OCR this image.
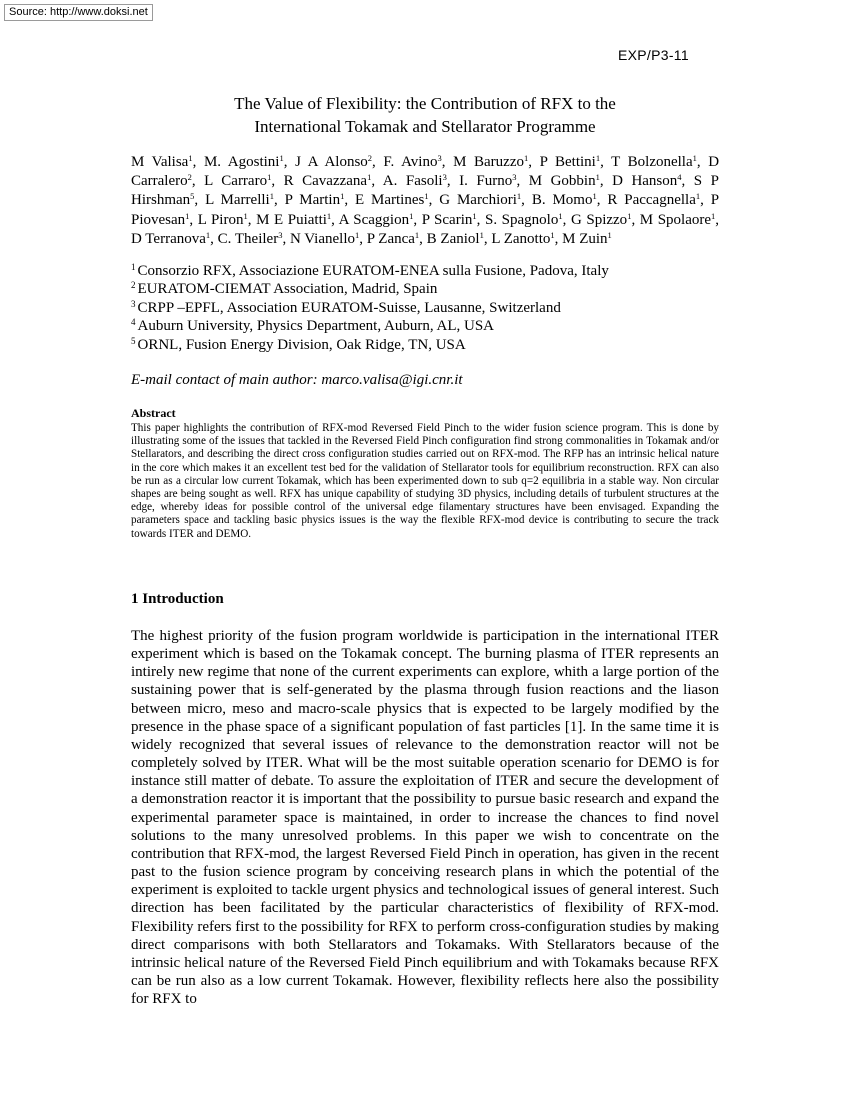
Source: http://www.doksi.net
EXP/P3-11
The Value of Flexibility: the Contribution of RFX to the
International Tokamak and Stellarator Programme
M Valisa$^1$, M. Agostini$^1$, J A Alonso$^2$, F. Avino$^3$, M Baruzzo$^1$, P Bettini$^1$, T Bolzonella$^1$, D Carralero$^2$, L Carraro$^1$, R Cavazzana$^1$, A. Fasoli$^3$, I. Furno$^3$, M Gobbin$^1$, D Hanson$^4$, S P Hirshman$^5$, L Marrelli$^1$, P Martin$^1$, E Martines$^1$, G Marchiori$^1$, B. Momo$^1$, R Paccagnella$^1$, P Piovesan$^1$, L Piron$^1$, M E Puiatti$^1$, A Scaggion$^1$, P Scarin$^1$, S. Spagnolo$^1$, G Spizzo$^1$, M Spolaore$^1$, D Terranova$^1$, C. Theiler$^3$, N Vianello$^1$, P Zanca$^1$, B Zaniol$^1$, L Zanotto$^1$, M Zuin$^1$
$^1$ Consorzio RFX, Associazione EURATOM-ENEA sulla Fusione, Padova, Italy
$^2$ EURATOM-CIEMAT Association, Madrid, Spain
$^3$ CRPP –EPFL, Association EURATOM-Suisse, Lausanne, Switzerland
$^4$ Auburn University, Physics Department, Auburn, AL, USA
$^5$ ORNL, Fusion Energy Division, Oak Ridge, TN, USA
E-mail contact of main author: marco.valisa@igi.cnr.it
Abstract

This paper highlights the contribution of RFX-mod Reversed Field Pinch to the wider fusion science program. This is done by illustrating some of the issues that tackled in the Reversed Field Pinch configuration find strong commonalities in Tokamak and/or Stellarators, and describing the direct cross configuration studies carried out on RFX-mod. The RFP has an intrinsic helical nature in the core which makes it an excellent test bed for the validation of Stellarator tools for equilibrium reconstruction. RFX can also be run as a circular low current Tokamak, which has been experimented down to sub q=2 equilibria in a stable way. Non circular shapes are being sought as well. RFX has unique capability of studying 3D physics, including details of turbulent structures at the edge, whereby ideas for possible control of the universal edge filamentary structures have been envisaged. Expanding the parameters space and tackling basic physics issues is the way the flexible RFX-mod device is contributing to secure the track towards ITER and DEMO.

1 Introduction

The highest priority of the fusion program worldwide is participation in the international ITER experiment which is based on the Tokamak concept. The burning plasma of ITER represents an intirely new regime that none of the current experiments can explore, whith a large portion of the sustaining power that is self-generated by the plasma through fusion reactions and the liason between micro, meso and macro-scale physics that is expected to be largely modified by the presence in the phase space of a significant population of fast particles [1]. In the same time it is widely recognized that several issues of relevance to the demonstration reactor will not be completely solved by ITER. What will be the most suitable operation scenario for DEMO is for instance still matter of debate. To assure the exploitation of ITER and secure the development of a demonstration reactor it is important that the possibility to pursue basic research and expand the experimental parameter space is maintained, in order to increase the chances to find novel solutions to the many unresolved problems. In this paper we wish to concentrate on the contribution that RFX-mod, the largest Reversed Field Pinch in operation, has given in the recent past to the fusion science program by conceiving research plans in which the potential of the experiment is exploited to tackle urgent physics and technological issues of general interest. Such direction has been facilitated by the particular characteristics of flexibility of RFX-mod. Flexibility refers first to the possibility for RFX to perform cross-configuration studies by making direct comparisons with both Stellarators and Tokamaks. With Stellarators because of the intrinsic helical nature of the Reversed Field Pinch equilibrium and with Tokamaks because RFX can be run also as a low current Tokamak. However, flexibility reflects here also the possibility for RFX to
